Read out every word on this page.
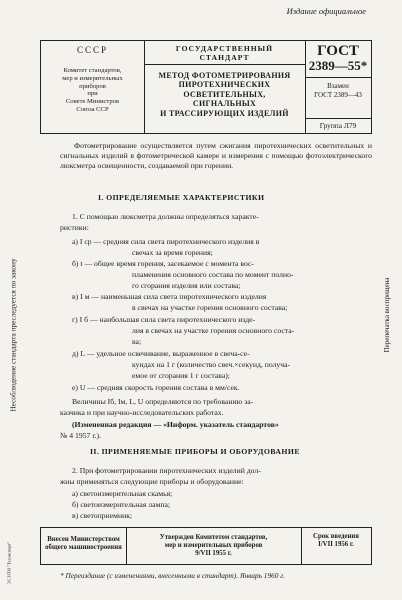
Издание официальное
СССР
Комитет стандартов,
мер и измерительных
приборов
при
Совете Министров
Союза ССР
ГОСУДАРСТВЕННЫЙ
СТАНДАРТ
МЕТОД ФОТОМЕТРИРОВАНИЯ
ПИРОТЕХНИЧЕСКИХ
ОСВЕТИТЕЛЬНЫХ,
СИГНАЛЬНЫХ
И ТРАССИРУЮЩИХ ИЗДЕЛИЙ
ГОСТ
2389—55*
Взамен
ГОСТ 2389—43
Группа Л79
Фотометрирование осуществляется путем сжигания пиротехнических осветительных и сигнальных изделий в фотометрической камере и измерения с помощью фотоэлектрического люксметра освещенности, создаваемой при горении.
I. ОПРЕДЕЛЯЕМЫЕ ХАРАКТЕРИСТИКИ
1. С помощью люксметра должны определяться характе-
ристики:
а) I ср — средняя сила света пиротехнического изделия в
свечах за время горения;
б) t — общее время горения, засекаемое с момента вос-
пламенения основного состава по момент полно-
го сгорания изделия или состава;
в) I м — наименьшая сила света пиротехнического изделия
в свечах на участке горения основного состава;
г) I б — наибольшая сила света пиротехнического изде-
лия в свечах на участке горения основного соста-
ва;
д) L — удельное освечивание, выраженное в свеча-се-
кундах на 1 г (количество свеч.×секунд, получа-
емое от сгорания 1 г состава);
е) U — средняя скорость горения состава в мм/сек.
Величины Iб, Iм, L, U определяются по требованию за-
казчика и при научно-исследовательских работах.
(Измененная редакция — «Информ. указатель стандартов»
№ 4 1957 г.).
II. ПРИМЕНЯЕМЫЕ ПРИБОРЫ И ОБОРУДОВАНИЕ
2. При фотометрировании пиротехнических изделий дол-
жны применяться следующие приборы и оборудование:
а) светоизмерительная скамья;
б) светоизмерительная лампа;
в) светоприемник;
Несоблюдение стандарта преследуется по закону	Перепечатка воспрещена
Внесен Министерством
общего машиностроения
Утвержден Комитетом стандартов,
мер и измерительных приборов
9/VII 1955 г.
Срок введения
I/VII 1956 г.
* Переиздание (с изменениями, внесенными в стандарт). Январь 1960 г.
ЭС НТИ "Техэкспорт"
